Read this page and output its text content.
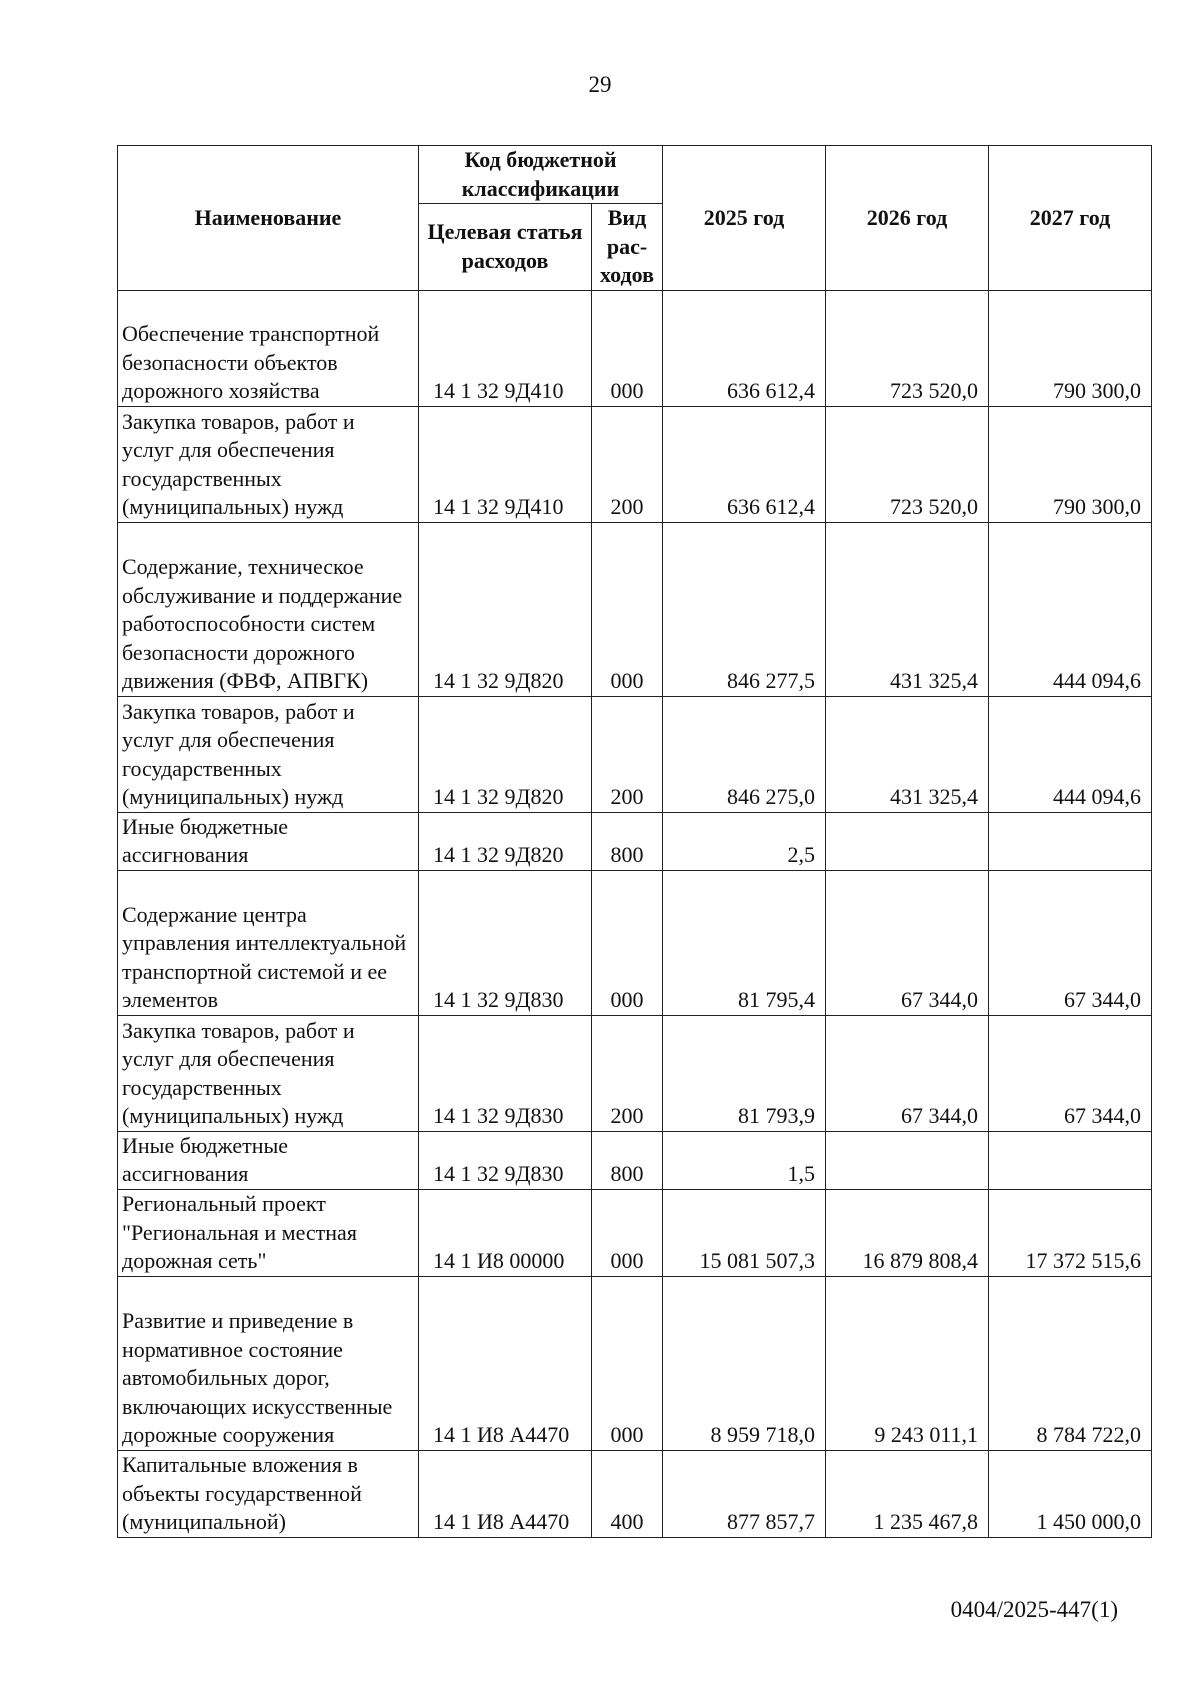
29
Наименование	Код бюджетной классификации		2025 год	2026 год	2027 год
	Целевая статья расходов	Вид рас-ходов			
Обеспечение транспортной безопасности объектов дорожного хозяйства	14 1 32 9Д410	000	636 612,4	723 520,0	790 300,0
Закупка товаров, работ и услуг для обеспечения государственных (муниципальных) нужд	14 1 32 9Д410	200	636 612,4	723 520,0	790 300,0
Содержание, техническое обслуживание и поддержание работоспособности систем безопасности дорожного движения (ФВФ, АПВГК)	14 1 32 9Д820	000	846 277,5	431 325,4	444 094,6
Закупка товаров, работ и услуг для обеспечения государственных (муниципальных) нужд	14 1 32 9Д820	200	846 275,0	431 325,4	444 094,6
Иные бюджетные ассигнования	14 1 32 9Д820	800	2,5		
Содержание центра управления интеллектуальной транспортной системой и ее элементов	14 1 32 9Д830	000	81 795,4	67 344,0	67 344,0
Закупка товаров, работ и услуг для обеспечения государственных (муниципальных) нужд	14 1 32 9Д830	200	81 793,9	67 344,0	67 344,0
Иные бюджетные ассигнования	14 1 32 9Д830	800	1,5		
Региональный проект "Региональная и местная дорожная сеть"	14 1 И8 00000	000	15 081 507,3	16 879 808,4	17 372 515,6
Развитие и приведение в нормативное состояние автомобильных дорог, включающих искусственные дорожные сооружения	14 1 И8 А4470	000	8 959 718,0	9 243 011,1	8 784 722,0
Капитальные вложения в объекты государственной (муниципальной)	14 1 И8 А4470	400	877 857,7	1 235 467,8	1 450 000,0
0404/2025-447(1)
